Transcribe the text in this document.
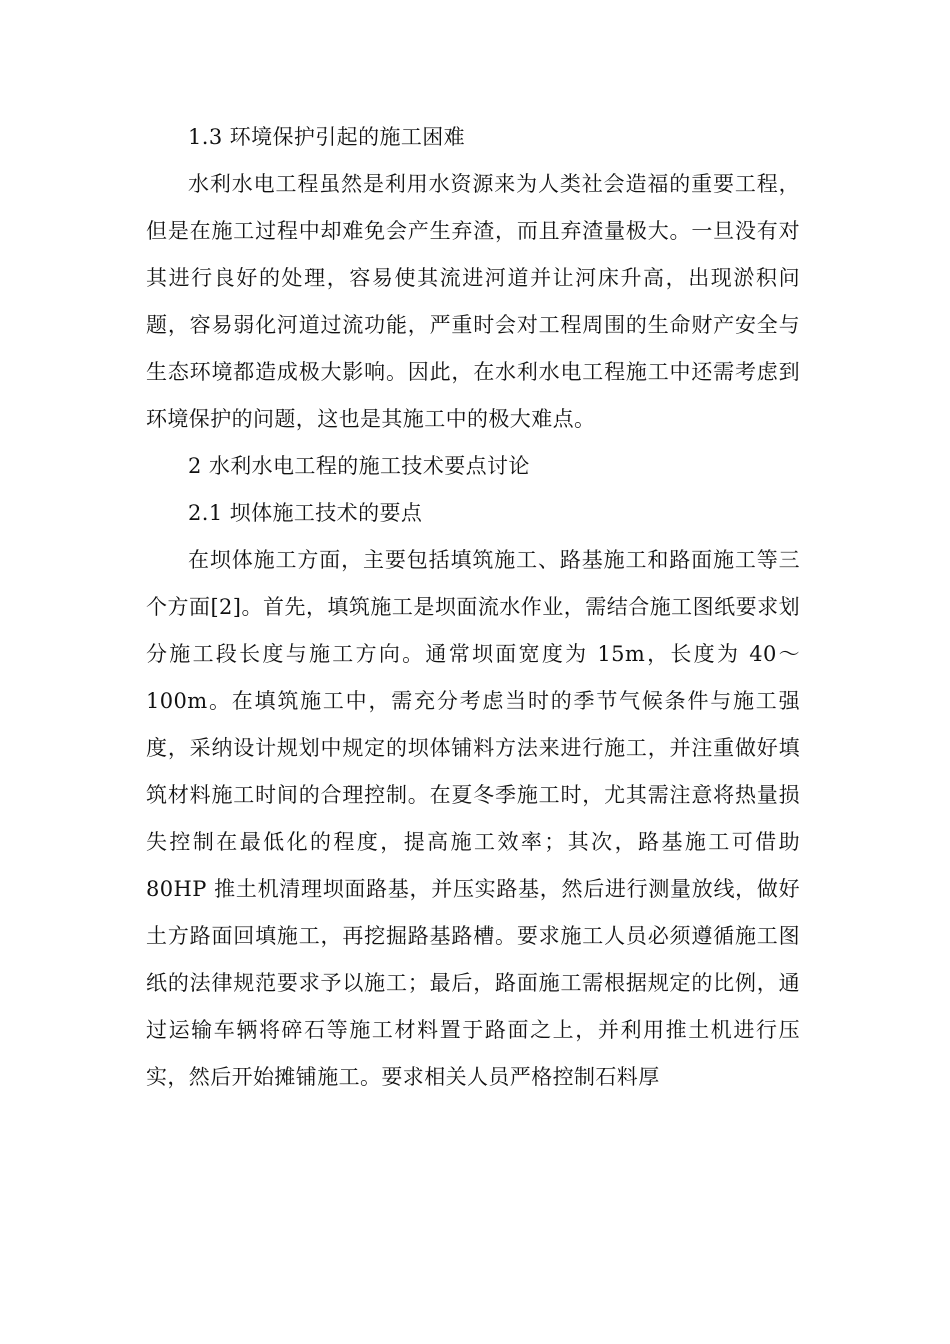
1.3 环境保护引起的施工困难

水利水电工程虽然是利用水资源来为人类社会造福的重要工程，但是在施工过程中却难免会产生弃渣，而且弃渣量极大。一旦没有对其进行良好的处理，容易使其流进河道并让河床升高，出现淤积问题，容易弱化河道过流功能，严重时会对工程周围的生命财产安全与生态环境都造成极大影响。因此，在水利水电工程施工中还需考虑到环境保护的问题，这也是其施工中的极大难点。

2 水利水电工程的施工技术要点讨论

2.1 坝体施工技术的要点

在坝体施工方面，主要包括填筑施工、路基施工和路面施工等三个方面[2]。首先，填筑施工是坝面流水作业，需结合施工图纸要求划分施工段长度与施工方向。通常坝面宽度为 15m，长度为 40～100m。在填筑施工中，需充分考虑当时的季节气候条件与施工强度，采纳设计规划中规定的坝体铺料方法来进行施工，并注重做好填筑材料施工时间的合理控制。在夏冬季施工时，尤其需注意将热量损失控制在最低化的程度，提高施工效率；其次，路基施工可借助 80HP 推土机清理坝面路基，并压实路基，然后进行测量放线，做好土方路面回填施工，再挖掘路基路槽。要求施工人员必须遵循施工图纸的法律规范要求予以施工；最后，路面施工需根据规定的比例，通过运输车辆将碎石等施工材料置于路面之上，并利用推土机进行压实，然后开始摊铺施工。要求相关人员严格控制石料厚
